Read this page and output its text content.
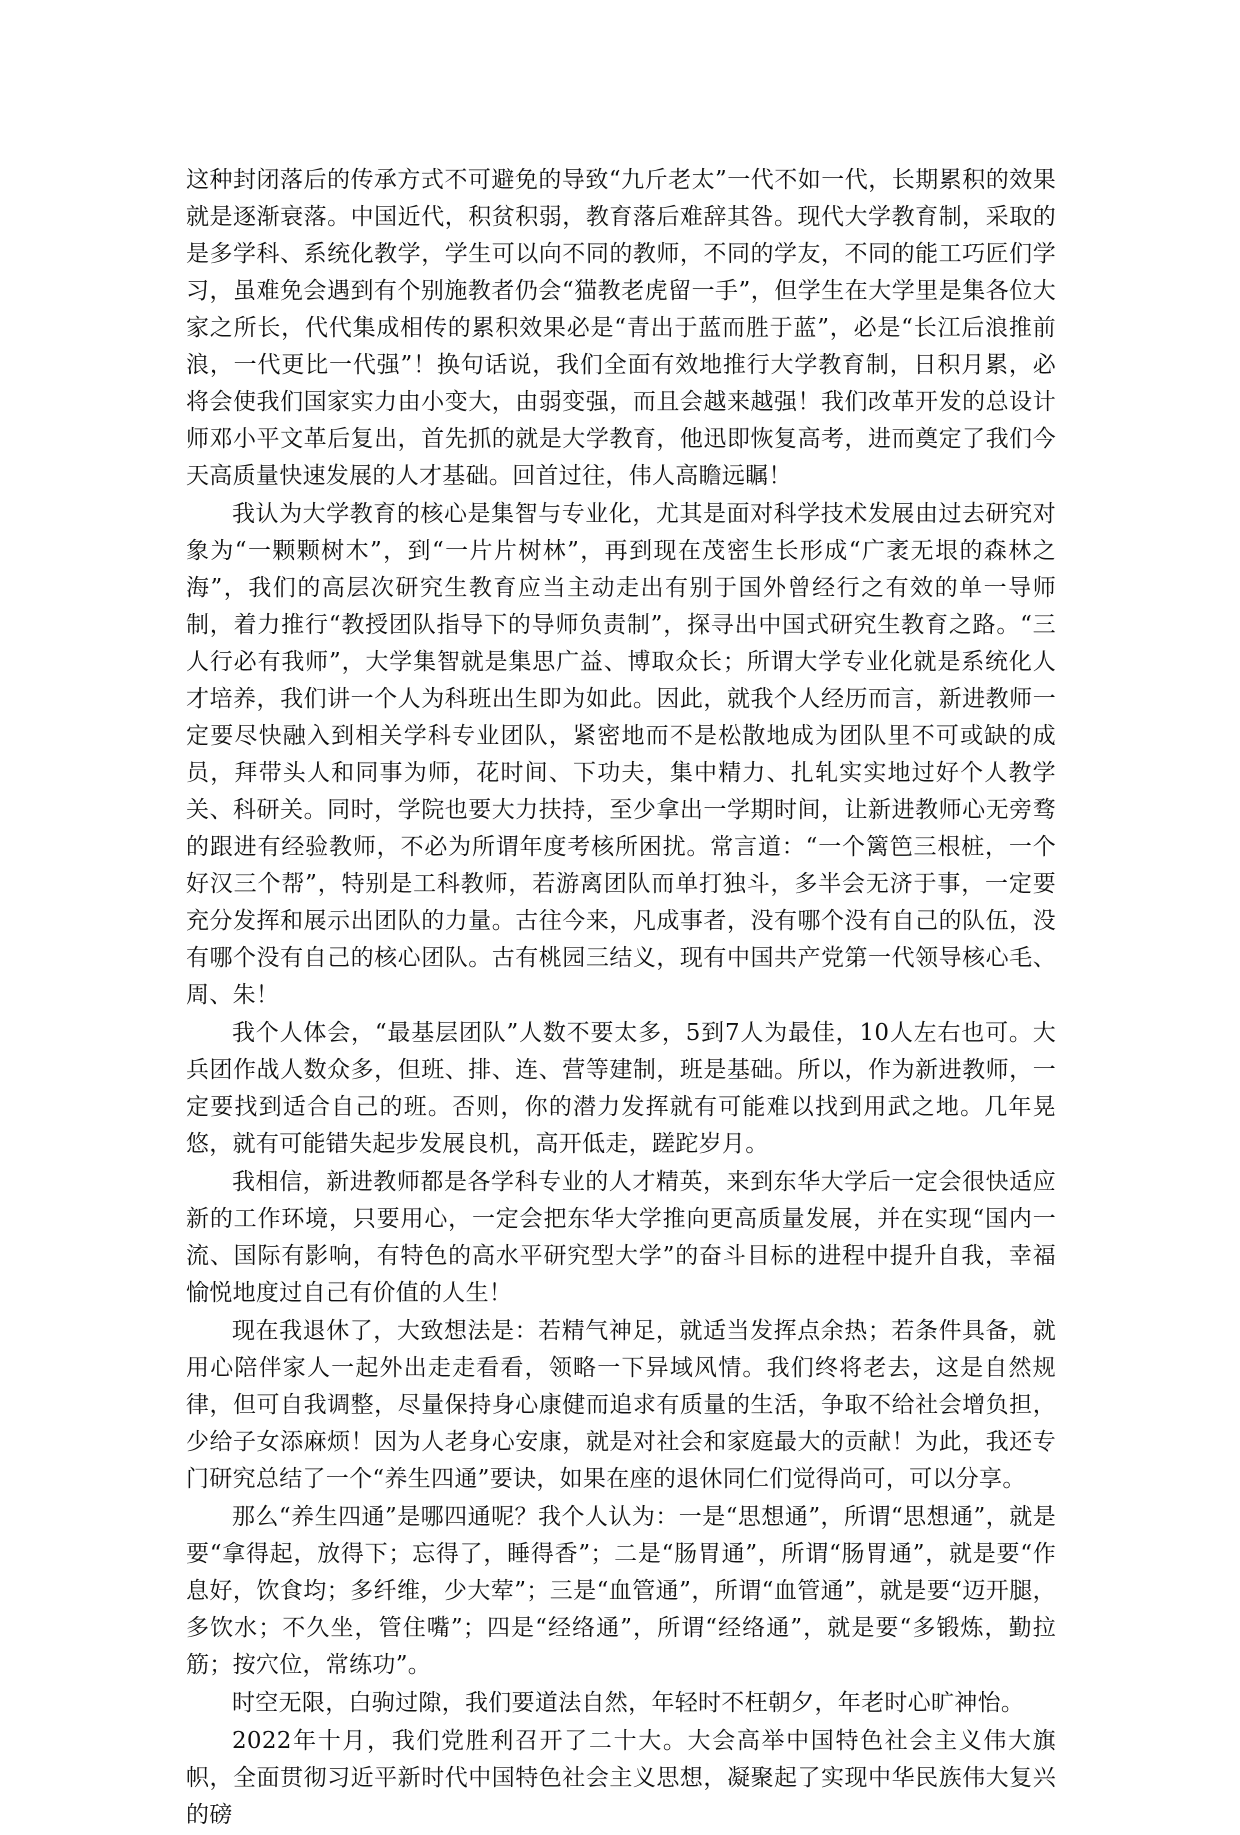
这种封闭落后的传承方式不可避免的导致“九斤老太”一代不如一代，长期累积的效果就是逐渐衰落。中国近代，积贫积弱，教育落后难辞其咎。现代大学教育制，采取的是多学科、系统化教学，学生可以向不同的教师，不同的学友，不同的能工巧匠们学习，虽难免会遇到有个别施教者仍会“猫教老虎留一手”，但学生在大学里是集各位大家之所长，代代集成相传的累积效果必是“青出于蓝而胜于蓝”，必是“长江后浪推前浪，一代更比一代强”！换句话说，我们全面有效地推行大学教育制，日积月累，必将会使我们国家实力由小变大，由弱变强，而且会越来越强！我们改革开发的总设计师邓小平文革后复出，首先抓的就是大学教育，他迅即恢复高考，进而奠定了我们今天高质量快速发展的人才基础。回首过往，伟人高瞻远瞩！

我认为大学教育的核心是集智与专业化，尤其是面对科学技术发展由过去研究对象为“一颗颗树木”，到“一片片树林”，再到现在茂密生长形成“广袤无垠的森林之海”，我们的高层次研究生教育应当主动走出有别于国外曾经行之有效的单一导师制，着力推行“教授团队指导下的导师负责制”，探寻出中国式研究生教育之路。“三人行必有我师”，大学集智就是集思广益、博取众长；所谓大学专业化就是系统化人才培养，我们讲一个人为科班出生即为如此。因此，就我个人经历而言，新进教师一定要尽快融入到相关学科专业团队，紧密地而不是松散地成为团队里不可或缺的成员，拜带头人和同事为师，花时间、下功夫，集中精力、扎轧实实地过好个人教学关、科研关。同时，学院也要大力扶持，至少拿出一学期时间，让新进教师心无旁骛的跟进有经验教师，不必为所谓年度考核所困扰。常言道：“一个篱笆三根桩，一个好汉三个帮”，特别是工科教师，若游离团队而单打独斗，多半会无济于事，一定要充分发挥和展示出团队的力量。古往今来，凡成事者，没有哪个没有自己的队伍，没有哪个没有自己的核心团队。古有桃园三结义，现有中国共产党第一代领导核心毛、周、朱！

我个人体会，“最基层团队”人数不要太多，5到7人为最佳，10人左右也可。大兵团作战人数众多，但班、排、连、营等建制，班是基础。所以，作为新进教师，一定要找到适合自己的班。否则，你的潜力发挥就有可能难以找到用武之地。几年晃悠，就有可能错失起步发展良机，高开低走，蹉跎岁月。

我相信，新进教师都是各学科专业的人才精英，来到东华大学后一定会很快适应新的工作环境，只要用心，一定会把东华大学推向更高质量发展，并在实现“国内一流、国际有影响，有特色的高水平研究型大学”的奋斗目标的进程中提升自我，幸福愉悦地度过自己有价值的人生！

现在我退休了，大致想法是：若精气神足，就适当发挥点余热；若条件具备，就用心陪伴家人一起外出走走看看，领略一下异域风情。我们终将老去，这是自然规律，但可自我调整，尽量保持身心康健而追求有质量的生活，争取不给社会增负担，少给子女添麻烦！因为人老身心安康，就是对社会和家庭最大的贡献！为此，我还专门研究总结了一个“养生四通”要诀，如果在座的退休同仁们觉得尚可，可以分享。

那么“养生四通”是哪四通呢？我个人认为：一是“思想通”，所谓“思想通”，就是要“拿得起，放得下；忘得了，睡得香”；二是“肠胃通”，所谓“肠胃通”，就是要“作息好，饮食均；多纤维，少大荤”；三是“血管通”，所谓“血管通”，就是要“迈开腿，多饮水；不久坐，管住嘴”；四是“经络通”，所谓“经络通”，就是要“多锻炼，勤拉筋；按穴位，常练功”。

时空无限，白驹过隙，我们要道法自然，年轻时不枉朝夕，年老时心旷神怡。

2022年十月，我们党胜利召开了二十大。大会高举中国特色社会主义伟大旗帜，全面贯彻习近平新时代中国特色社会主义思想，凝聚起了实现中华民族伟大复兴的磅
